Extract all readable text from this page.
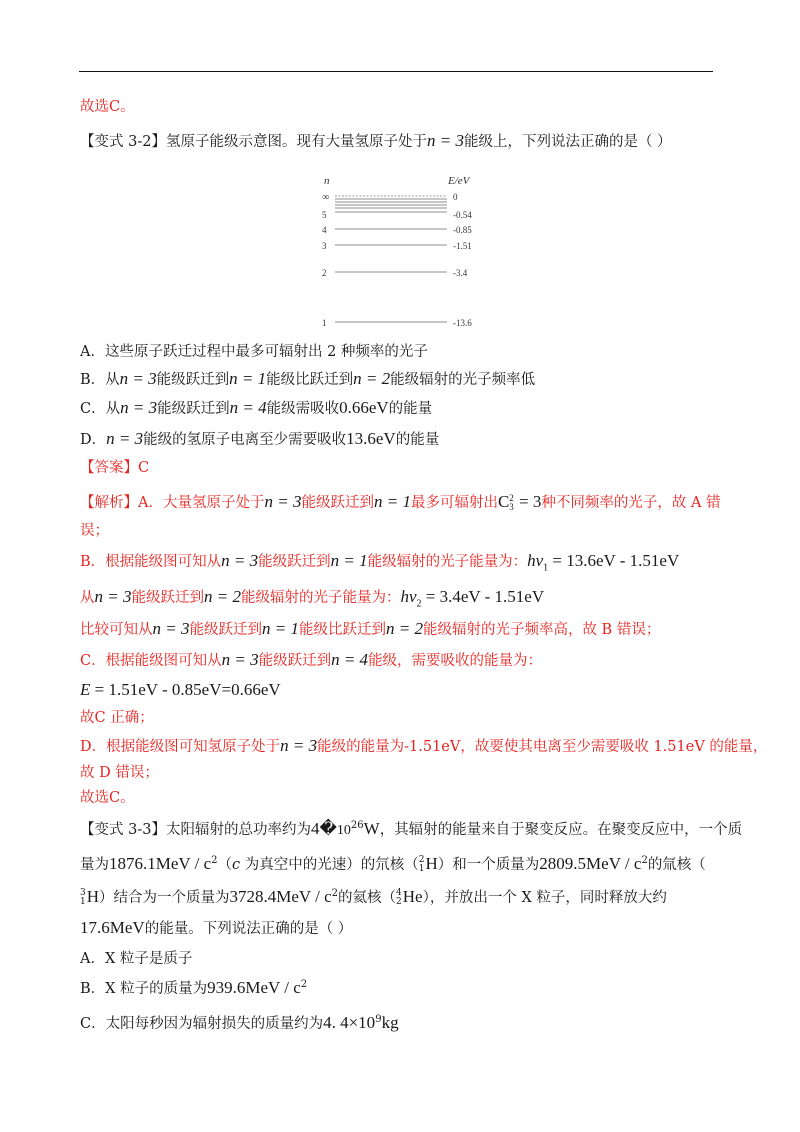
故选C。
【变式 3-2】氢原子能级示意图。现有大量氢原子处于n = 3能级上，下列说法正确的是（ ）
n	E/eV
∞
5
4
3
2
1
0
-0.54
-0.85
-1.51
-3.4
-13.6
A．这些原子跃迁过程中最多可辐射出 2 种频率的光子
B．从n = 3能级跃迁到n = 1能级比跃迁到n = 2能级辐射的光子频率低
C．从n = 3能级跃迁到n = 4能级需吸收0.66eV的能量
D．n = 3能级的氢原子电离至少需要吸收13.6eV的能量
【答案】C
【解析】A．大量氢原子处于n = 3能级跃迁到n = 1最多可辐射出C 2
3 = 3种不同频率的光子，故 A 错
误；
B．根据能级图可知从n = 3能级跃迁到n = 1能级辐射的光子能量为：$h\nu_1 = 13.6eV - 1.51eV$
从n = 3能级跃迁到n = 2能级辐射的光子能量为：$h\nu_2 = 3.4eV - 1.51eV$
比较可知从n = 3能级跃迁到n = 1能级比跃迁到n = 2能级辐射的光子频率高，故 B 错误；
C．根据能级图可知从n = 3能级跃迁到n = 4能级，需要吸收的能量为：
E = 1.51eV - 0.85eV=0.66eV
故C 正确；
D．根据能级图可知氢原子处于n = 3能级的能量为-1.51eV，故要使其电离至少需要吸收 1.51eV 的能量，
故 D 错误；
故选C。
【变式 3-3】太阳辐射的总功率约为$4�10^{26}W$，其辐射的能量来自于聚变反应。在聚变反应中，一个质
量为$1876.1MeV / c^2(c$ 为真空中的光速）的氘核（ 2
1 H）和一个质量为$2809.5MeV / c^2$的氚核（
3
1 H）结合为一个质量为$3728.4MeV / c^2$的氦核（ 4
2 He），并放出一个 X 粒子，同时释放大约
17.6MeV的能量。下列说法正确的是（ ）
A．X 粒子是质子
B．X 粒子的质量为$939.6MeV / c^2$
C．太阳每秒因为辐射损失的质量约为4. $4\times 10^9kg$
